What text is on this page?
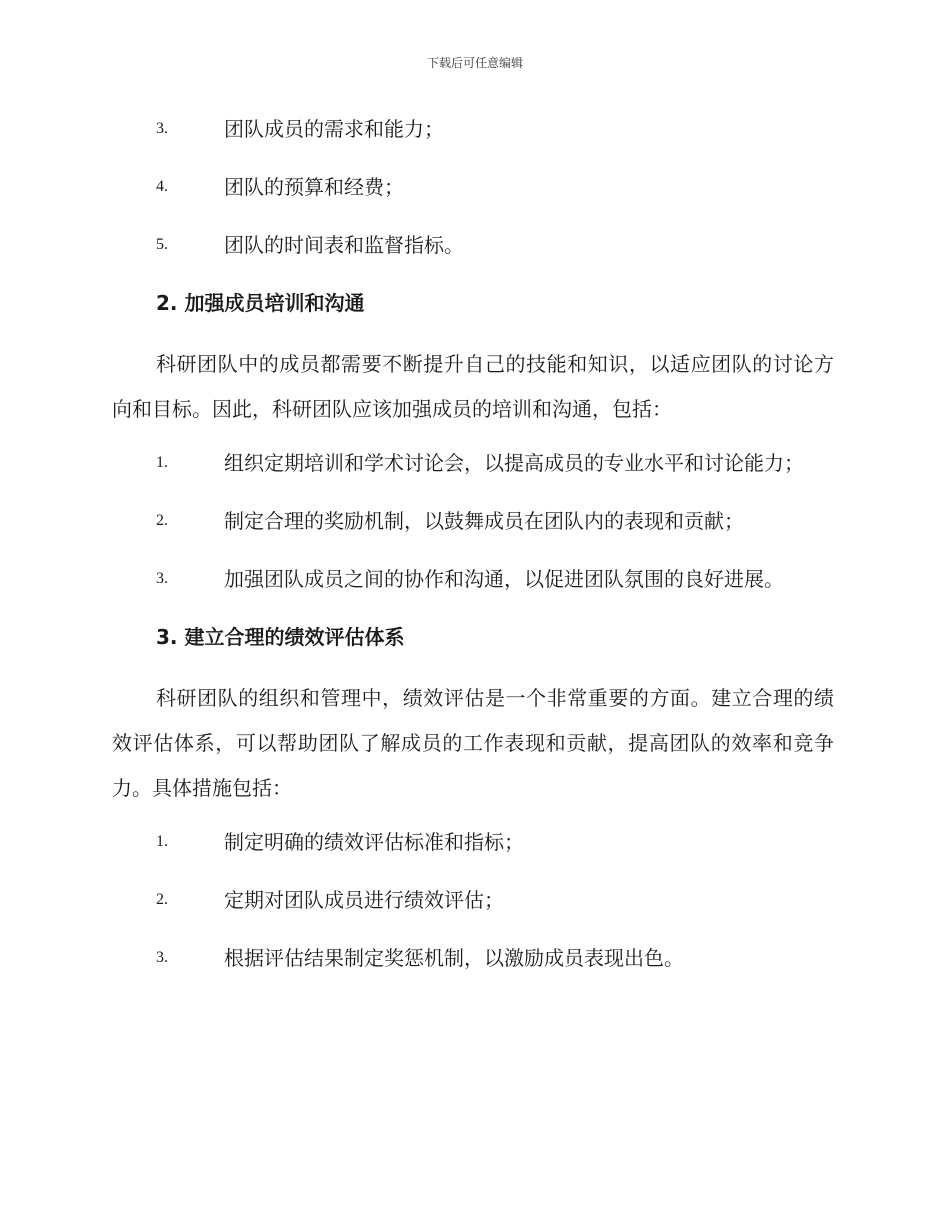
下载后可任意编辑
3.	团队成员的需求和能力；
4.	团队的预算和经费；
5.	团队的时间表和监督指标。
2. 加强成员培训和沟通
科研团队中的成员都需要不断提升自己的技能和知识，以适应团队的讨论方向和目标。因此，科研团队应该加强成员的培训和沟通，包括：
1.	组织定期培训和学术讨论会，以提高成员的专业水平和讨论能力；
2.	制定合理的奖励机制，以鼓舞成员在团队内的表现和贡献；
3.	加强团队成员之间的协作和沟通，以促进团队氛围的良好进展。
3. 建立合理的绩效评估体系
科研团队的组织和管理中，绩效评估是一个非常重要的方面。建立合理的绩效评估体系，可以帮助团队了解成员的工作表现和贡献，提高团队的效率和竞争力。具体措施包括：
1.	制定明确的绩效评估标准和指标；
2.	定期对团队成员进行绩效评估；
3.	根据评估结果制定奖惩机制，以激励成员表现出色。
